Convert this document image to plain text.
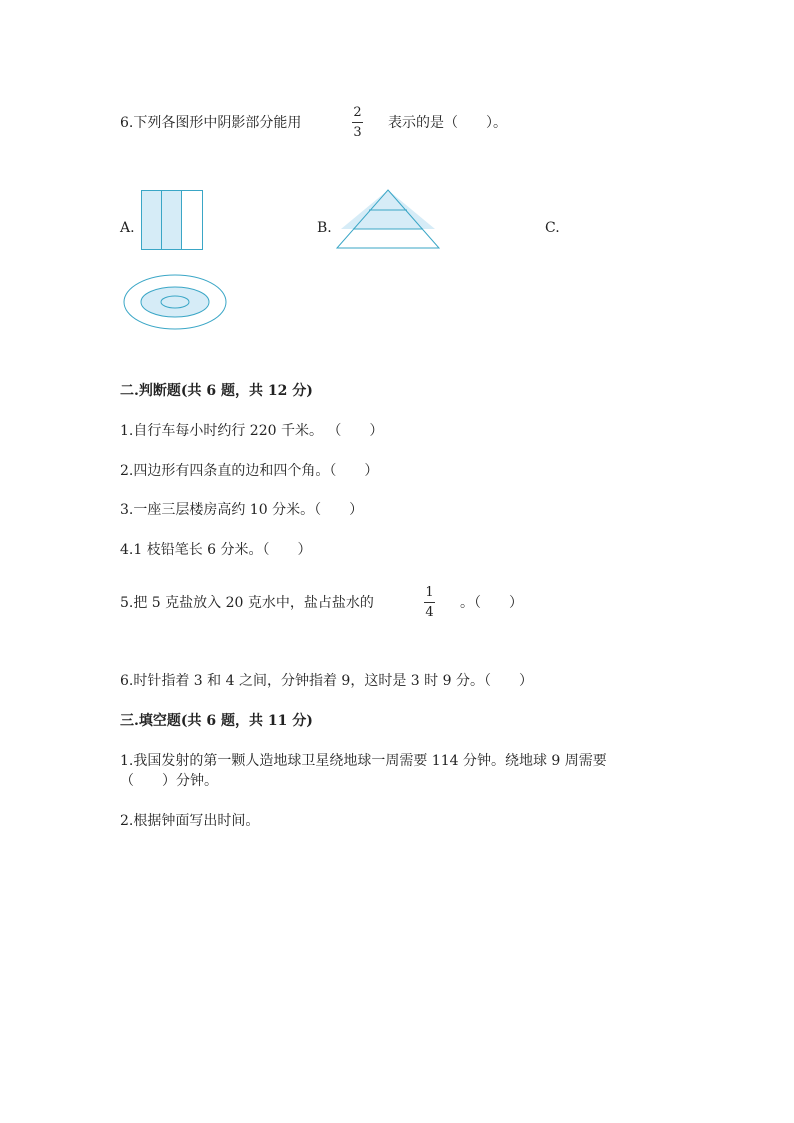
6.下列各图形中阴影部分能用
2
3
表示的是（　　）。
A.	B.	C.
二.判断题(共 6 题，共 12 分)
1.自行车每小时约行 220 千米。 （　　）
2.四边形有四条直的边和四个角。（　　）
3.一座三层楼房高约 10 分米。（　　）
4.1 枝铅笔长 6 分米。（　　）
5.把 5 克盐放入 20 克水中，盐占盐水的
1
4
。（　　）
6.时针指着 3 和 4 之间，分钟指着 9，这时是 3 时 9 分。（　　）
三.填空题(共 6 题，共 11 分)
1.我国发射的第一颗人造地球卫星绕地球一周需要 114 分钟。绕地球 9 周需要
（　　）分钟。
2.根据钟面写出时间。
